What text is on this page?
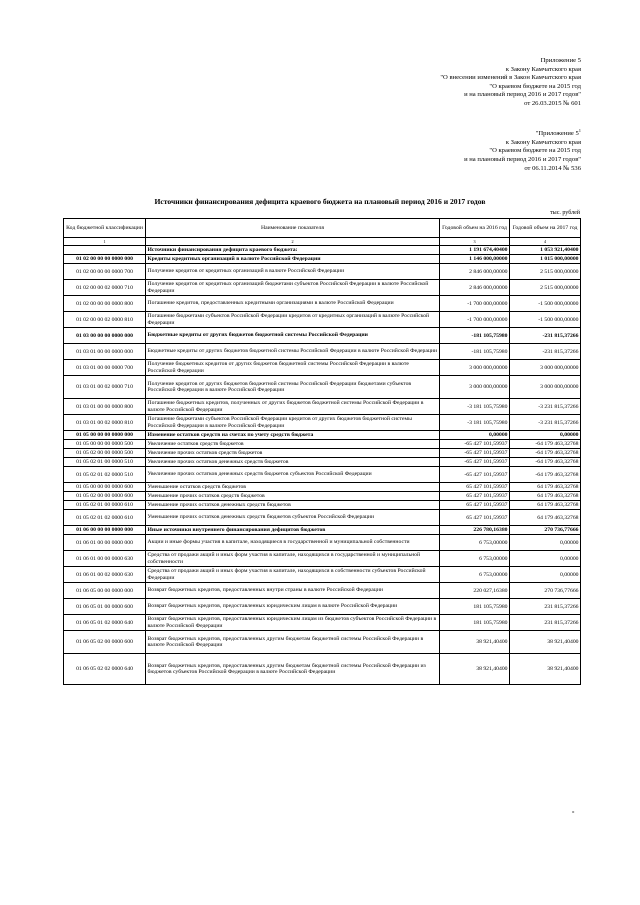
Приложение 5
к Закону Камчатского края
"О внесении изменений в Закон Камчатского края
"О краевом бюджете на 2015 год
и на плановый период 2016 и 2017 годов"
от 26.03.2015 № 601
"Приложение $5^1$
к Закону Камчатского края
"О краевом бюджете на 2015 год
и на плановый период 2016 и 2017 годов"
от 06.11.2014 № 536
Источники финансирования дефицита краевого бюджета на плановый период 2016 и 2017 годов
тыс. рублей
Код бюджетной классификации	Наименование показателя	Годовой объем на 2016 год	Годовой объем на 2017 год
1	2	3	4
	Источники финансирования дефицита краевого бюджета:	1 191 674,40400	1 053 921,40400
01 02 00 00 00 0000 000	Кредиты кредитных организаций в валюте Российской Федерации	1 146 000,00000	1 015 000,00000
01 02 00 00 00 0000 700	Получение кредитов от кредитных организаций в валюте Российской Федерации	2 846 000,00000	2 515 000,00000
01 02 00 00 02 0000 710	Получение кредитов от кредитных организаций бюджетами субъектов Российской Федерации в валюте Российской Федерации	2 846 000,00000	2 515 000,00000
01 02 00 00 00 0000 800	Погашение кредитов, предоставленных кредитными организациями в валюте Российской Федерации	-1 700 000,00000	-1 500 000,00000
01 02 00 00 02 0000 810	Погашение бюджетами субъектов Российской Федерации кредитов от кредитных организаций в валюте Российской Федерации	-1 700 000,00000	-1 500 000,00000
01 03 00 00 00 0000 000	Бюджетные кредиты от других бюджетов бюджетной системы Российской Федерации	-181 105,75980	-231 815,37266
01 03 01 00 00 0000 000	Бюджетные кредиты от других бюджетов бюджетной системы Российской Федерации в валюте Российской Федерации	-181 105,75980	-231 815,37266
01 03 01 00 00 0000 700	Получение бюджетных кредитов от других бюджетов бюджетной системы Российской Федерации в валюте Российской Федерации	3 000 000,00000	3 000 000,00000
01 03 01 00 02 0000 710	Получение кредитов от других бюджетов бюджетной системы Российской Федерации бюджетами субъектов Российской Федерации в валюте Российской Федерации	3 000 000,00000	3 000 000,00000
01 03 01 00 00 0000 800	Погашение бюджетных кредитов, полученных от других бюджетов бюджетной системы Российской Федерации в валюте Российской Федерации	-3 181 105,75980	-3 231 815,37266
01 03 01 00 02 0000 810	Погашение бюджетами субъектов Российской Федерации кредитов от других бюджетов бюджетной системы Российской Федерации в валюте Российской Федерации	-3 181 105,75980	-3 231 815,37266
01 05 00 00 00 0000 000	Изменение остатков средств на счетах по учету средств бюджета	0,00000	0,00000
01 05 00 00 00 0000 500	Увеличение остатков средств бюджетов	-65 427 101,59937	-64 179 463,32768
01 05 02 00 00 0000 500	Увеличение прочих остатков средств бюджетов	-65 427 101,59937	-64 179 463,32768
01 05 02 01 00 0000 510	Увеличение прочих остатков денежных средств бюджетов	-65 427 101,59937	-64 179 463,32768
01 05 02 01 02 0000 510	Увеличение прочих остатков денежных средств бюджетов субъектов Российской Федерации	-65 427 101,59937	-64 179 463,32768
01 05 00 00 00 0000 600	Уменьшение остатков средств бюджетов	65 427 101,59937	64 179 463,32768
01 05 02 00 00 0000 600	Уменьшение прочих остатков средств бюджетов	65 427 101,59937	64 179 463,32768
01 05 02 01 00 0000 610	Уменьшение прочих остатков денежных средств бюджетов	65 427 101,59937	64 179 463,32768
01 05 02 01 02 0000 610	Уменьшение прочих остатков денежных средств бюджетов субъектов Российской Федерации	65 427 101,59937	64 179 463,32768
01 06 00 00 00 0000 000	Иные источники внутреннего финансирования дефицитов бюджетов	226 780,16380	270 736,77666
01 06 01 00 00 0000 000	Акции и иные формы участия в капитале, находящиеся в государственной и муниципальной собственности	6 753,00000	0,00000
01 06 01 00 00 0000 630	Средства от продажи акций и иных форм участия в капитале, находящихся в государственной и муниципальной собственности	6 753,00000	0,00000
01 06 01 00 02 0000 630	Средства от продажи акций и иных форм участия в капитале, находящихся в собственности субъектов Российской Федерации	6 753,00000	0,00000
01 06 05 00 00 0000 000	Возврат бюджетных кредитов, предоставленных внутри страны в валюте Российской Федерации	220 027,16380	270 736,77666
01 06 05 01 00 0000 600	Возврат бюджетных кредитов, предоставленных юридическим лицам в валюте Российской Федерации	181 105,75980	231 815,37266
01 06 05 01 02 0000 640	Возврат бюджетных кредитов, предоставленных юридическим лицам из бюджетов субъектов Российской Федерации в валюте Российской Федерации	181 105,75980	231 815,37266
01 06 05 02 00 0000 600	Возврат бюджетных кредитов, предоставленных другим бюджетам бюджетной системы Российской Федерации в валюте Российской Федерации	38 921,40400	38 921,40400
01 06 05 02 02 0000 640	Возврат бюджетных кредитов, предоставленных другим бюджетам бюджетной системы Российской Федерации из бюджетов субъектов Российской Федерации в валюте Российской Федерации	38 921,40400	38 921,40400
»
